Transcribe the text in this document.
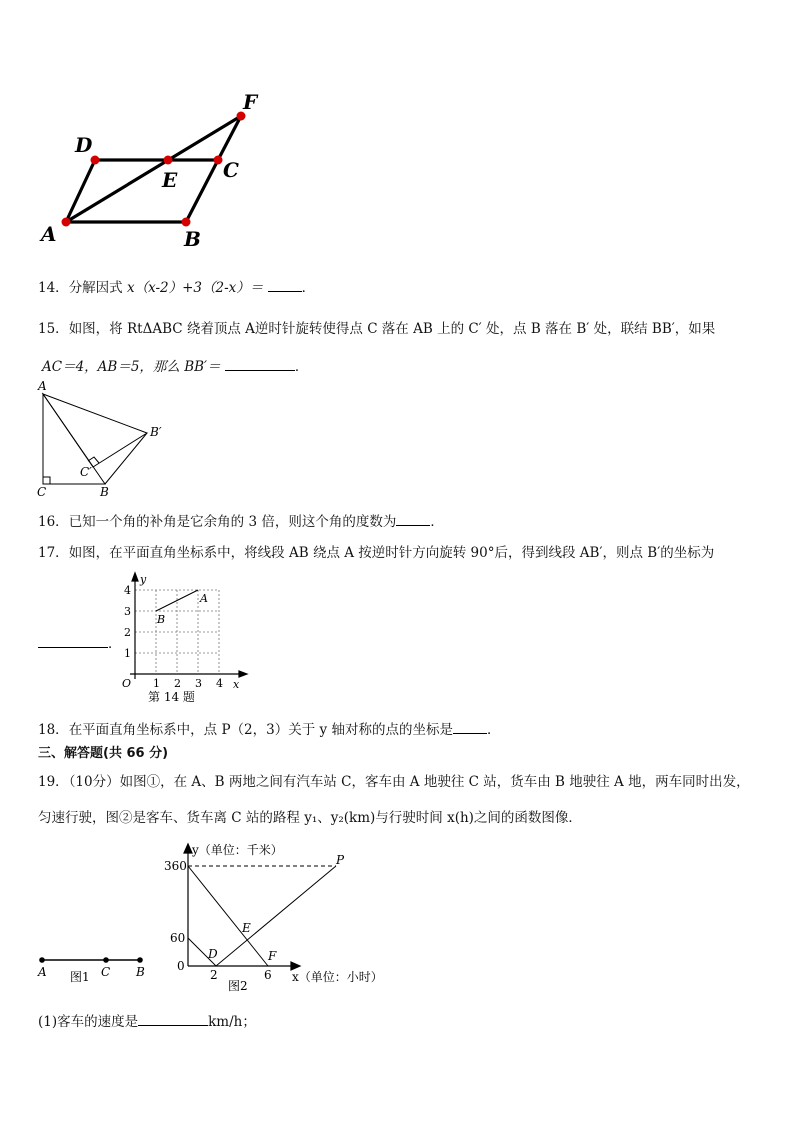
A	B
C
D
E
F
14．分解因式 x（x-2）+3（2-x）＝	．
15．如图，将 RtΔABC 绕着顶点 A逆时针旋转使得点 C 落在 AB 上的 C′ 处，点 B 落在 B′ 处，联结 BB′，如果
AC＝4，AB＝5，那么 BB′＝	．
A
C	B
C′
B′
16．已知一个角的补角是它余角的 3 倍，则这个角的度数为	．
17．如图，在平面直角坐标系中，将线段 AB 绕点 A 按逆时针方向旋转 90°后，得到线段 AB′，则点 B′的坐标为
．
1 2 3 4
1
2
3
4
O	x
y
A
B
第 14 题
18．在平面直角坐标系中，点 P（2，3）关于 y 轴对称的点的坐标是	．
三、解答题(共 66 分)
19．（10分）如图①，在 A、B 两地之间有汽车站 C，客车由 A 地驶往 C 站，货车由 B 地驶往 A 地，两车同时出发，
匀速行驶，图②是客车、货车离 C 站的路程 y₁、y₂(km)与行驶时间 x(h)之间的函数图像．
A	C B
图1
y（单位：千米）
x（单位：小时）
360
60
0
2	6
P
E
D	F
图2
(1)客车的速度是	km/h；
